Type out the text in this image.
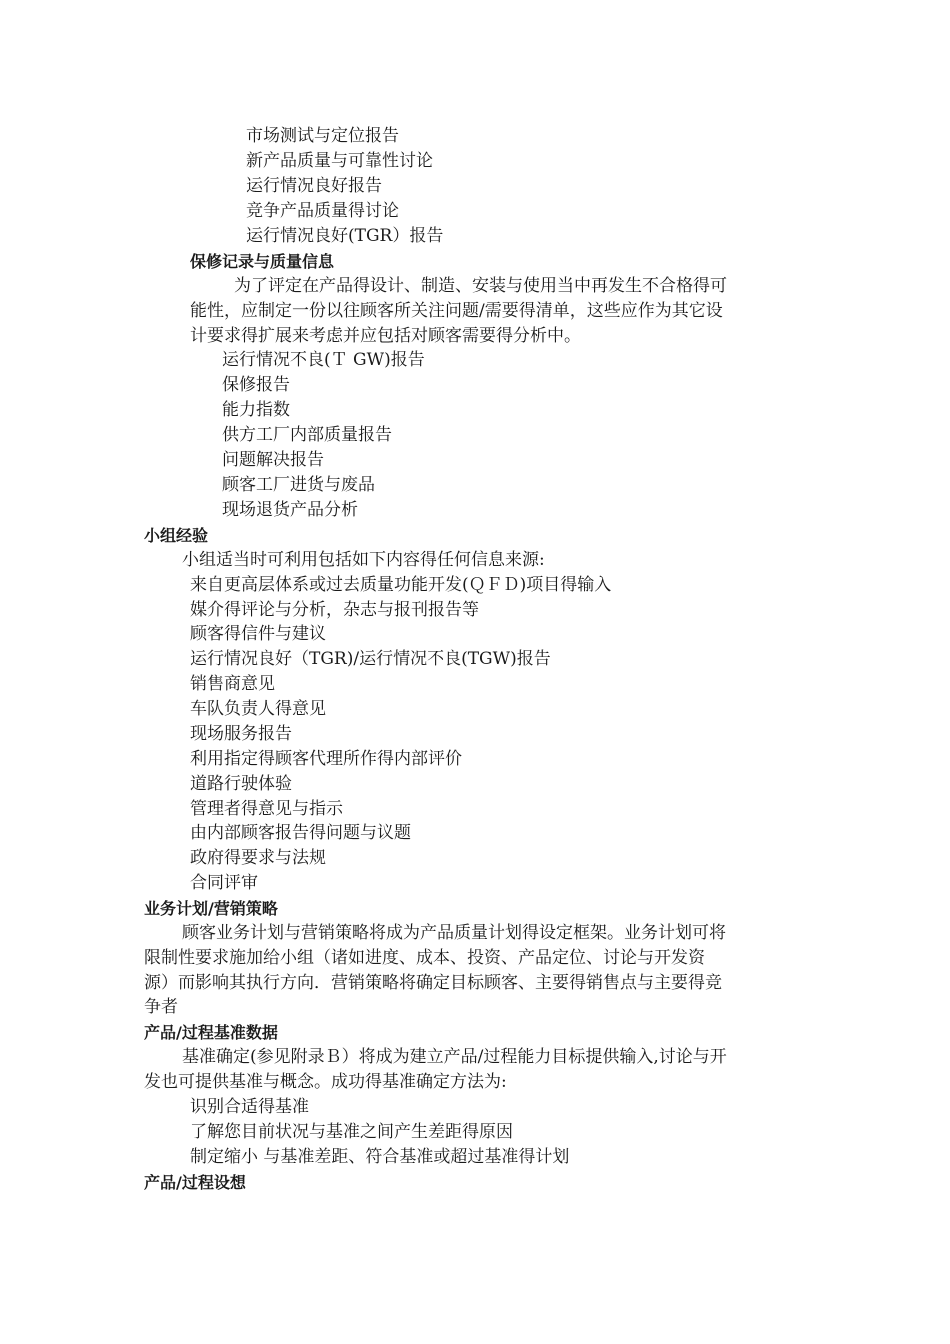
市场测试与定位报告
新产品质量与可靠性讨论
运行情况良好报告
竞争产品质量得讨论
运行情况良好(TGR）报告
保修记录与质量信息
为了评定在产品得设计、制造、安装与使用当中再发生不合格得可
能性，应制定一份以往顾客所关注问题/需要得清单，这些应作为其它设
计要求得扩展来考虑并应包括对顾客需要得分析中。
运行情况不良(Ｔ GW)报告
保修报告
能力指数
供方工厂内部质量报告
问题解决报告
顾客工厂进货与废品
现场退货产品分析
小组经验
小组适当时可利用包括如下内容得任何信息来源:
来自更高层体系或过去质量功能开发(ＱＦＤ)项目得输入
媒介得评论与分析，杂志与报刊报告等
顾客得信件与建议
运行情况良好（TGR)/运行情况不良(TGW)报告
销售商意见
车队负责人得意见
现场服务报告
利用指定得顾客代理所作得内部评价
道路行驶体验
管理者得意见与指示
由内部顾客报告得问题与议题
政府得要求与法规
合同评审
业务计划/营销策略
顾客业务计划与营销策略将成为产品质量计划得设定框架。业务计划可将
限制性要求施加给小组（诸如进度、成本、投资、产品定位、讨论与开发资
源）而影响其执行方向．营销策略将确定目标顾客、主要得销售点与主要得竞
争者
产品/过程基准数据
基准确定(参见附录Ｂ）将成为建立产品/过程能力目标提供输入,讨论与开
发也可提供基准与概念。成功得基准确定方法为:
识别合适得基准
了解您目前状况与基准之间产生差距得原因
制定缩小 与基准差距、符合基准或超过基准得计划
产品/过程设想
